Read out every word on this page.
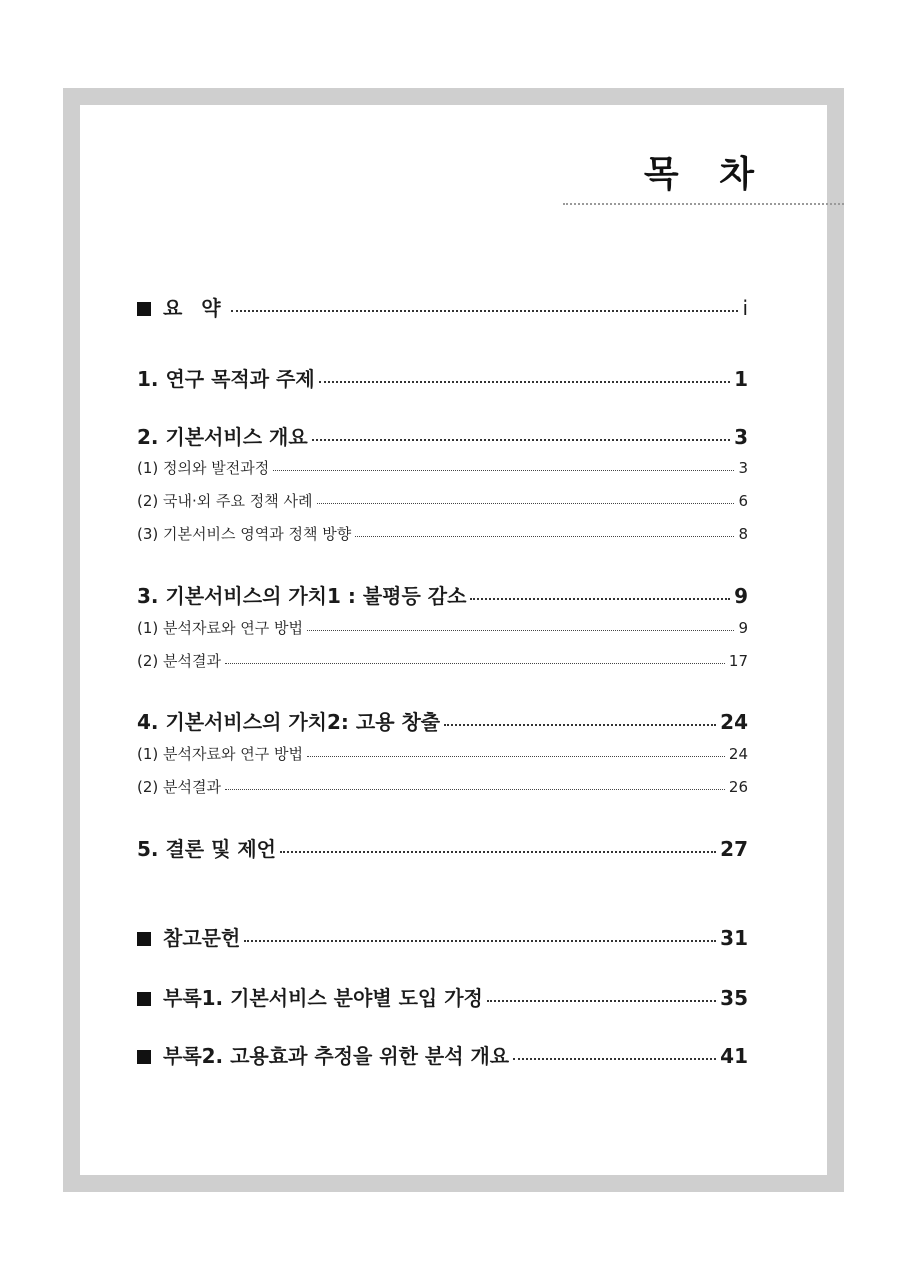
목 차
요 약	i
1. 연구 목적과 주제	1
2. 기본서비스 개요	3
(1) 정의와 발전과정	3
(2) 국내·외 주요 정책 사례	6
(3) 기본서비스 영역과 정책 방향	8
3. 기본서비스의 가치1 : 불평등 감소	9
(1) 분석자료와 연구 방법	9
(2) 분석결과	17
4. 기본서비스의 가치2: 고용 창출	24
(1) 분석자료와 연구 방법	24
(2) 분석결과	26
5. 결론 및 제언	27
참고문헌	31
부록1. 기본서비스 분야별 도입 가정	35
부록2. 고용효과 추정을 위한 분석 개요	41
